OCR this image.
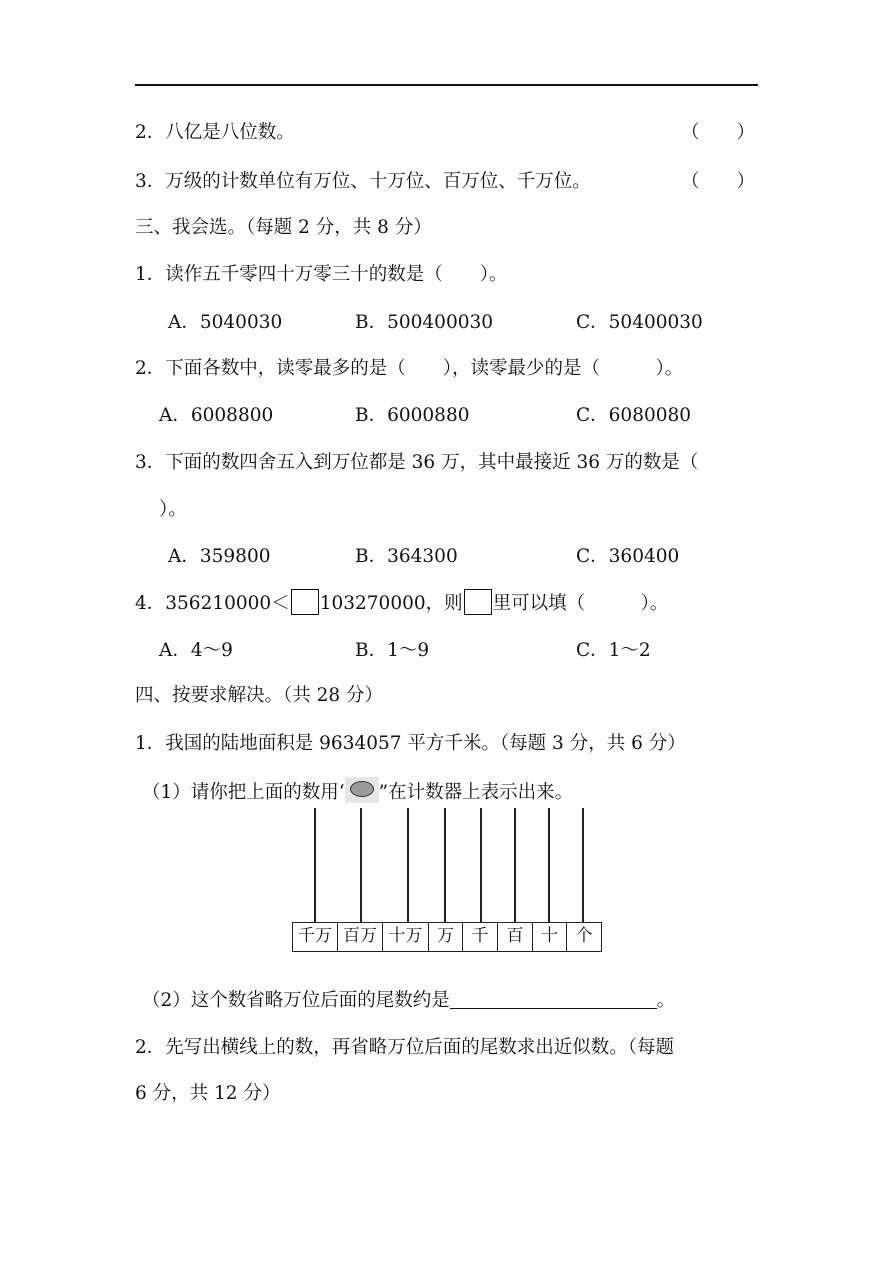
2．八亿是八位数。	（　　）
3．万级的计数单位有万位、十万位、百万位、千万位。	（　　）
三、我会选。（每题 2 分，共 8 分）
1．读作五千零四十万零三十的数是（　　）。
A．5040030	B．500400030	C．50400030
2．下面各数中，读零最多的是（　　），读零最少的是（　　　）。
A．6008800	B．6000880	C．6080080
3．下面的数四舍五入到万位都是 36 万，其中最接近 36 万的数是（
）。
A．359800	B．364300	C．360400
4．356210000＜ 103270000，则 里可以填（　　　）。
A．4～9	B．1～9	C．1～2
四、按要求解决。（共 28 分）
1．我国的陆地面积是 9634057 平方千米。（每题 3 分，共 6 分）
（1）请你把上面的数用‘ ”在计数器上表示出来。
千万 百万 十万 万	千	百	十	个
（2）这个数省略万位后面的尾数约是	。
2．先写出横线上的数，再省略万位后面的尾数求出近似数。（每题
6 分，共 12 分）
